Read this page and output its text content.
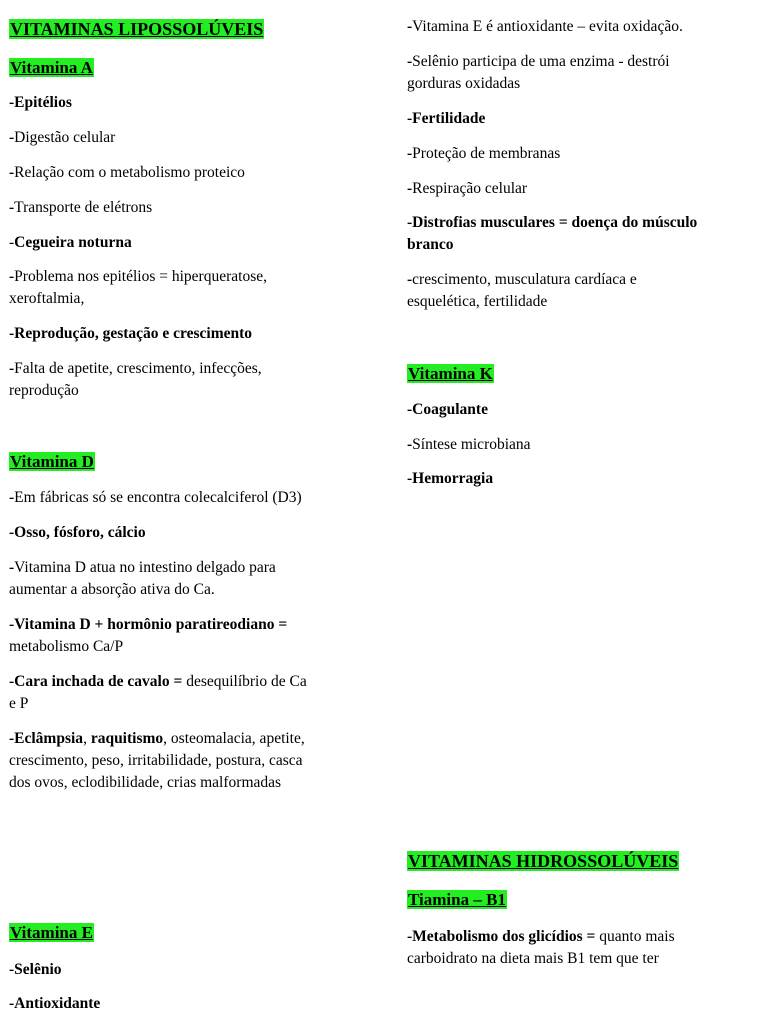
VITAMINAS LIPOSSOLÚVEIS
Vitamina A
-Epitélios
-Digestão celular
-Relação com o metabolismo proteico
-Transporte de elétrons
-Cegueira noturna
-Problema nos epitélios = hiperqueratose,
xeroftalmia,
-Reprodução, gestação e crescimento
-Falta de apetite, crescimento, infecções,
reprodução
Vitamina D
-Em fábricas só se encontra colecalciferol (D3)
-Osso, fósforo, cálcio
-Vitamina D atua no intestino delgado para
aumentar a absorção ativa do Ca.
-Vitamina D + hormônio paratireodiano =
metabolismo Ca/P
-Cara inchada de cavalo = desequilíbrio de Ca
e P
-Eclâmpsia, raquitismo, osteomalacia, apetite,
crescimento, peso, irritabilidade, postura, casca
dos ovos, eclodibilidade, crias malformadas
Vitamina E
-Selênio
-Antioxidante
-Vitamina E é antioxidante – evita oxidação.
-Selênio participa de uma enzima - destrói
gorduras oxidadas
-Fertilidade
-Proteção de membranas
-Respiração celular
-Distrofias musculares = doença do músculo
branco
-crescimento, musculatura cardíaca e
esquelética, fertilidade
Vitamina K
-Coagulante
-Síntese microbiana
-Hemorragia
VITAMINAS HIDROSSOLÚVEIS
Tiamina – B1
-Metabolismo dos glicídios = quanto mais
carboidrato na dieta mais B1 tem que ter
